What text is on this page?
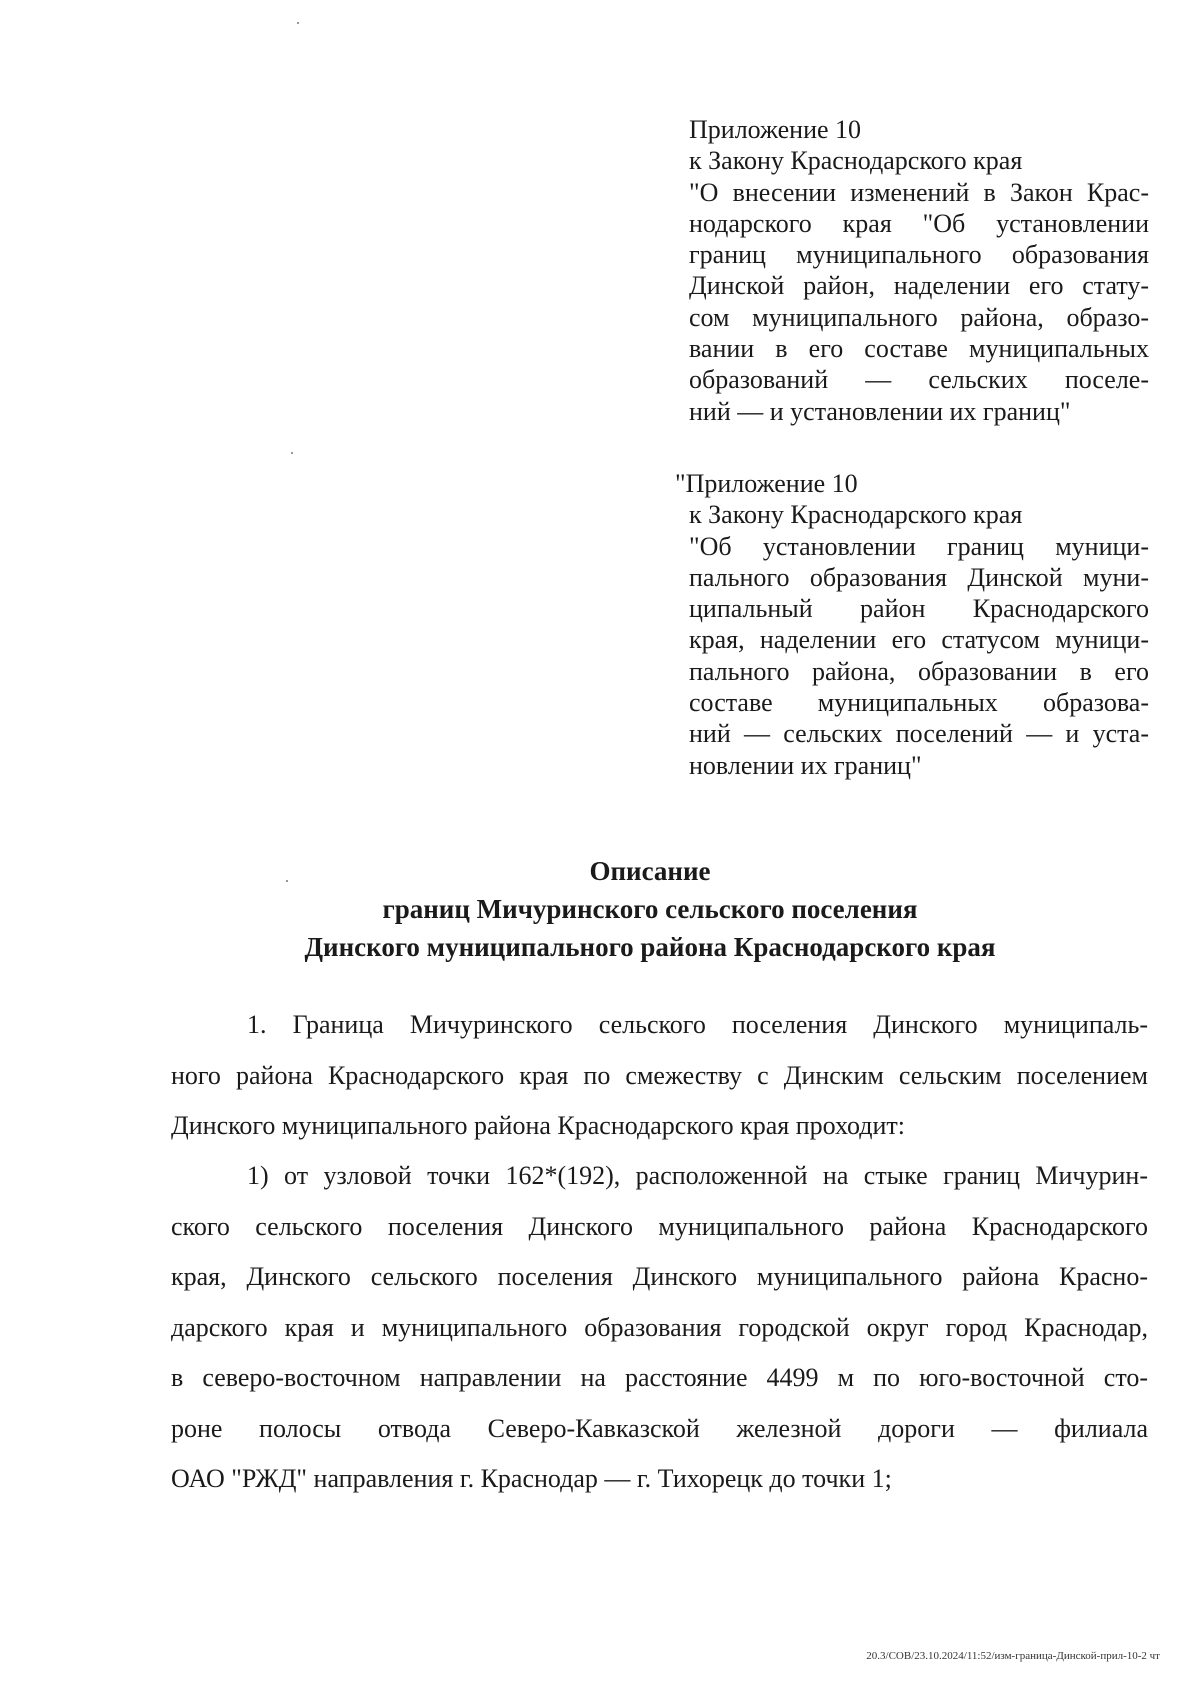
Приложение 10
к Закону Краснодарского края
"О внесении изменений в Закон Крас-
нодарского края "Об установлении
границ муниципального образования
Динской район, наделении его стату-
сом муниципального района, образо-
вании в его составе муниципальных
образований — сельских поселе-
ний — и установлении их границ"
"Приложение 10
к Закону Краснодарского края
"Об установлении границ муници-
пального образования Динской муни-
ципальный район Краснодарского
края, наделении его статусом муници-
пального района, образовании в его
составе муниципальных образова-
ний — сельских поселений — и уста-
новлении их границ"
Описание
границ Мичуринского сельского поселения
Динского муниципального района Краснодарского края
1. Граница Мичуринского сельского поселения Динского муниципаль-
ного района Краснодарского края по смежеству с Динским сельским поселением
Динского муниципального района Краснодарского края проходит:
1) от узловой точки 162*(192), расположенной на стыке границ Мичурин-
ского сельского поселения Динского муниципального района Краснодарского
края, Динского сельского поселения Динского муниципального района Красно-
дарского края и муниципального образования городской округ город Краснодар,
в северо-восточном направлении на расстояние 4499 м по юго-восточной сто-
роне полосы отвода Северо-Кавказской железной дороги — филиала
ОАО "РЖД" направления г. Краснодар — г. Тихорецк до точки 1;
20.3/СОВ/23.10.2024/11:52/изм-граница-Динской-прил-10-2 чт
